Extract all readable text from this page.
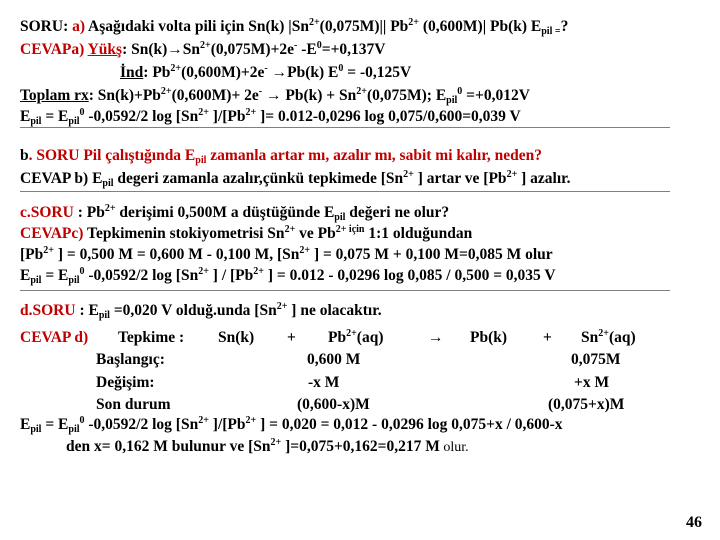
SORU: a) Aşağıdaki volta pili için Sn(k) $|Sn^{2+}(0,075M)||$ $Pb^{2+}$ (0,600M)| Pb(k) $E_{pil =}$?
CEVAPa) Yükş: $Sn(k)\to Sn^{2+}(0,075M)+2e^-$ $-E^0=+0,137V$
İnd: $Pb^{2+}(0,600M)+2e^- \to Pb(k) E^0 = -0,125V$
Toplam rx: $Sn(k)+Pb^{2+}(0,600M)+ 2e^- \to Pb(k) + Sn^{2+}(0,075M)$; $E_{pil}^0 =+0,012V$
$E_{pil} = E_{pil}^0$ -0,0592/2 $\log [Sn^{2+}$ ]$/[Pb^{2+}$ ]= 0.012-0,0296 log 0,075/0,600=0,039 V
b. SORU Pil çalıştığında $E_{pil}$ zamanla artar mı, azalır mı, sabit mi kalır, neden?
CEVAP b) $E_{pil}$ degeri zamanla azalır,çünkü tepkimede [$Sn^{2+}$ ] artar ve [$Pb^{2+}$ ] azalır.
c.SORU : $Pb^{2+}$ derişimi 0,500M a düştüğünde $E_{pil}$ değeri ne olur?
CEVAPc) Tepkimenin stokiyometrisi $Sn^{2+}$ ve $Pb^{2+ için}$ 1:1 olduğundan
[$Pb^{2+}$ ] = 0,500 M = 0,600 M - 0,100 M, [$Sn^{2+}$ ] = 0,075 M + 0,100 M=0,085 M olur
$E_{pil} = E_{pil}^0$ -0,0592/2 $\log [Sn^{2+}$ ] / [$Pb^{2+}$ ] = 0.012 - 0,0296 log 0,085 / 0,500 = 0,035 V
d.SORU : $E_{pil} =0,020$ V olduğ.unda [$Sn^{2+}$ ] ne olacaktır.
CEVAP d) Tepkime : $Sn(k) + Pb^{2+}(aq)$	→ $Pb(k) + Sn^{2+}(aq)$
Başlangıç:	0,600 M	0,075M
Değişim:	-x M	+x M
Son durum	(0,600-x)M	(0,075+x)M
$E_{pil} = E_{pil}^0$ -0,0592/2 $\log [Sn^{2+}$ ]$/[Pb^{2+}$ ] = 0,020 = 0,012 - 0,0296 log 0,075+x / 0,600-x
den x= 0,162 M bulunur ve [$Sn^{2+}$ ]=0,075+0,162=0,217 M olur.
46
